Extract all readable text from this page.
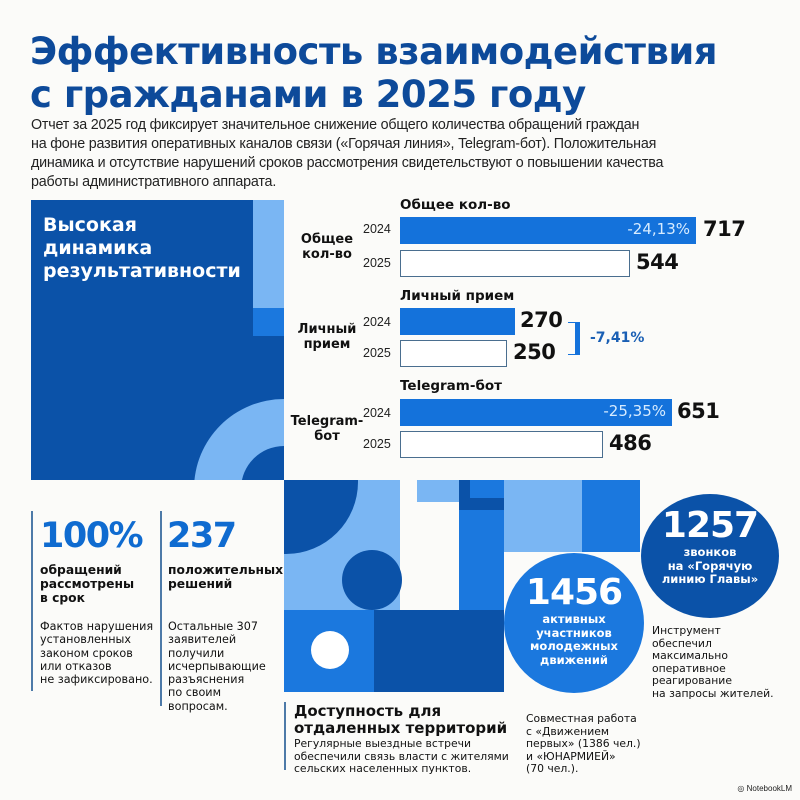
Эффективность взаимодействия
с гражданами в 2025 году
Отчет за 2025 год фиксирует значительное снижение общего количества обращений граждан
на фоне развития оперативных каналов связи («Горячая линия», Telegram-бот). Положительная
динамика и отсутствие нарушений сроков рассмотрения свидетельствуют о повышении качества
работы административного аппарата.
Высокая
динамика
результативности
Общее кол-во
Общее
кол-во
2024	-24,13% 717
2025	544
Личный прием
Личный
прием
2024	270
2025	250
-7,41%
Telegram-бот
Telegram-
бот
2024	-25,35% 651
2025	486
100%
обращений
рассмотрены
в срок
Фактов нарушения
установленных
законом сроков
или отказов
не зафиксировано.
237
положительных
решений
Остальные 307
заявителей
получили
исчерпывающие
разъяснения
по своим
вопросам.
1456
активных
участников
молодежных
движений
1257
звонков
на «Горячую
линию Главы»
Инструмент
обеспечил
максимально
оперативное
реагирование
на запросы жителей.
Доступность для
отдаленных территорий
Регулярные выездные встречи
обеспечили связь власти с жителями
сельских населенных пунктов.
Совместная работа
с «Движением
первых» (1386 чел.)
и «ЮНАРМИЕЙ»
(70 чел.).
◎ NotebookLM
